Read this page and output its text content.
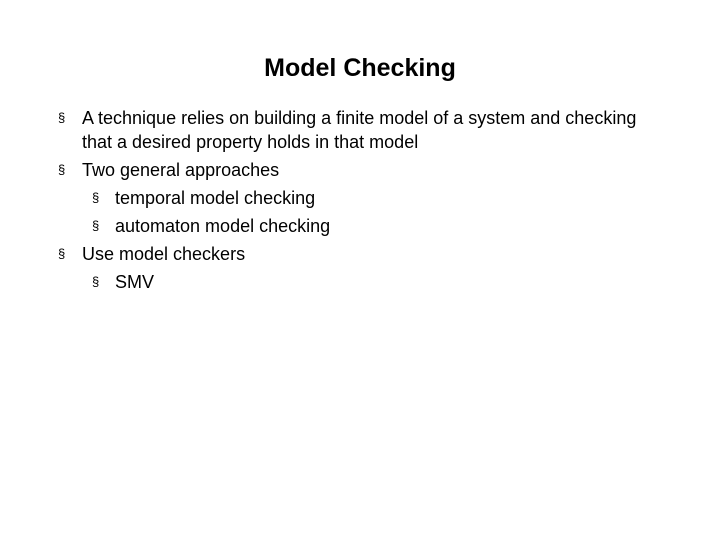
Model Checking
§ A technique relies on building a finite model of a system and checking that a desired property holds in that model
§ Two general approaches
§ temporal model checking
§ automaton model checking
§ Use model checkers
§ SMV
